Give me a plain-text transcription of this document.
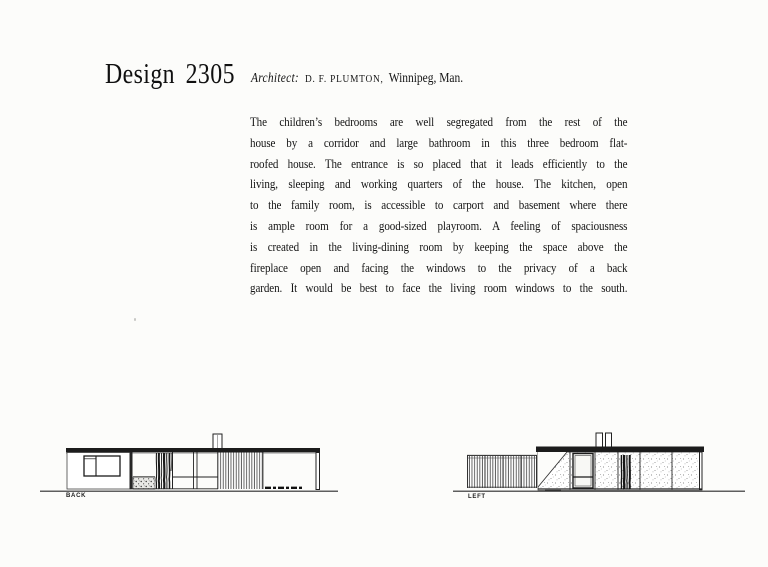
Design 2305 Architect: D. F. PLUMTON, Winnipeg, Man.
The children’s bedrooms are well segregated from the rest of the
house by a corridor and large bathroom in this three bedroom flat-
roofed house. The entrance is so placed that it leads efficiently to the
living, sleeping and working quarters of the house. The kitchen, open
to the family room, is accessible to carport and basement where there
is ample room for a good-sized playroom. A feeling of spaciousness
is created in the living-dining room by keeping the space above the
fireplace open and facing the windows to the privacy of a back
garden. It would be best to face the living room windows to the south.
BACK	LEFT
